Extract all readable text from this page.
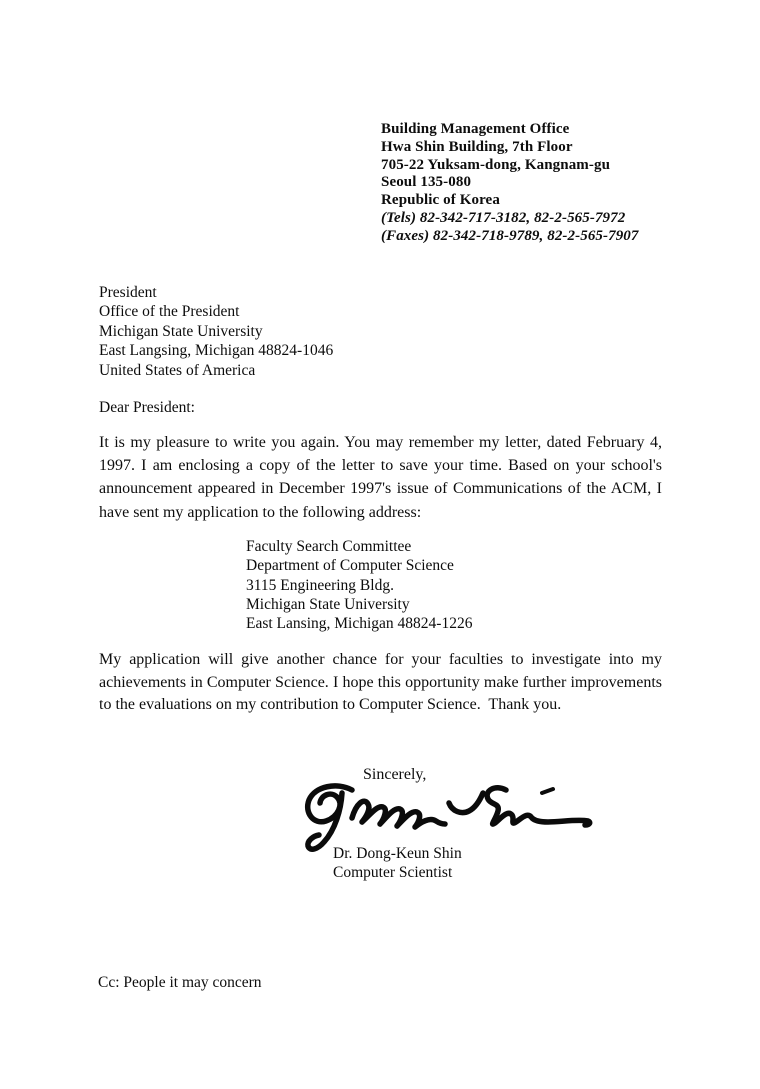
Building Management Office
Hwa Shin Building, 7th Floor
705-22 Yuksam-dong, Kangnam-gu
Seoul 135-080
Republic of Korea
(Tels) 82-342-717-3182, 82-2-565-7972
(Faxes) 82-342-718-9789, 82-2-565-7907
President
Office of the President
Michigan State University
East Langsing, Michigan 48824-1046
United States of America
Dear President:
It is my pleasure to write you again. You may remember my letter, dated February 4,
1997. I am enclosing a copy of the letter to save your time. Based on your school's
announcement appeared in December 1997's issue of Communications of the ACM, I
have sent my application to the following address:
Faculty Search Committee
Department of Computer Science
3115 Engineering Bldg.
Michigan State University
East Lansing, Michigan 48824-1226
My application will give another chance for your faculties to investigate into my
achievements in Computer Science. I hope this opportunity make further improvements
to the evaluations on my contribution to Computer Science.  Thank you.
Sincerely,
Dr. Dong-Keun Shin
Computer Scientist
Cc: People it may concern
